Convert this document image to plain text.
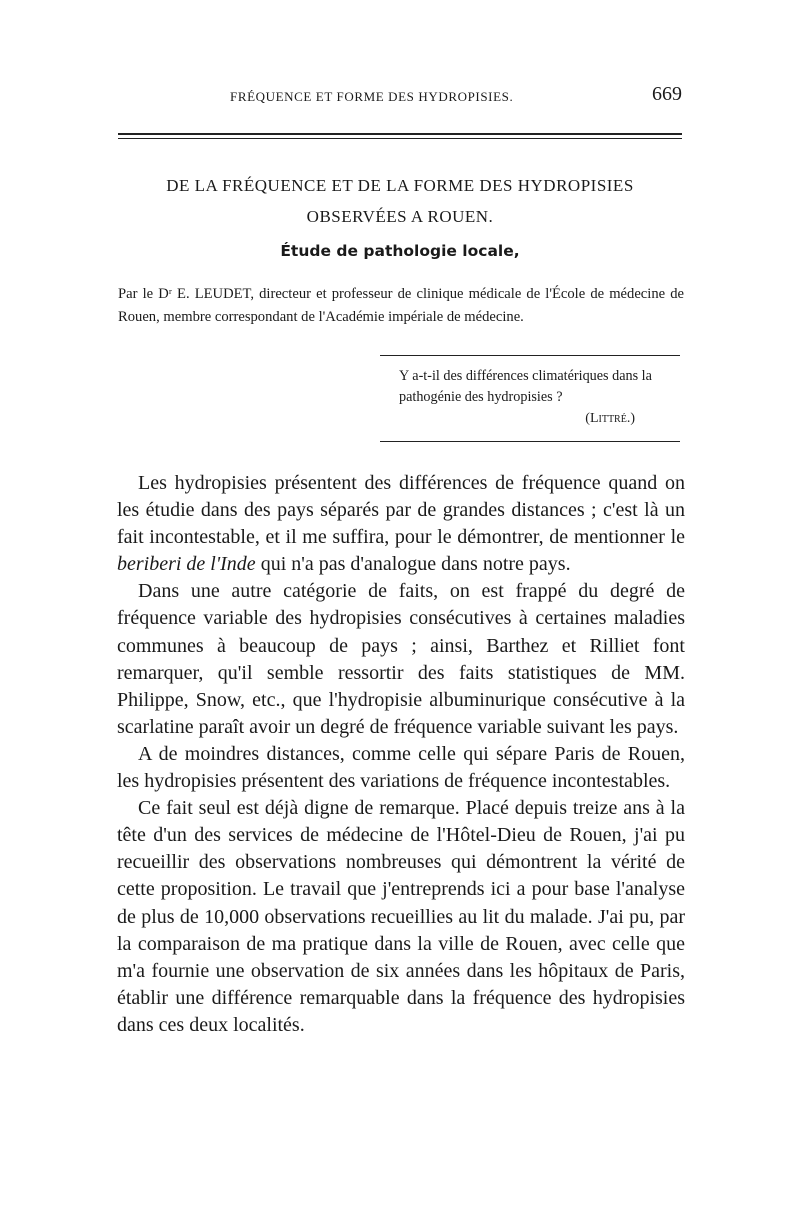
FRÉQUENCE ET FORME DES HYDROPISIES.	669
DE LA FRÉQUENCE ET DE LA FORME DES HYDROPISIES
OBSERVÉES A ROUEN.
Étude de pathologie locale,
Par le Dʳ E. LEUDET, directeur et professeur de clinique médicale de l'École de médecine de Rouen, membre correspondant de l'Académie impériale de médecine.
Y a-t-il des différences climatériques dans la pathogénie des hydropisies ?
(Littré.)

Les hydropisies présentent des différences de fréquence quand on les étudie dans des pays séparés par de grandes distances ; c'est là un fait incontestable, et il me suffira, pour le démontrer, de mentionner le beriberi de l'Inde qui n'a pas d'analogue dans notre pays.

Dans une autre catégorie de faits, on est frappé du degré de fréquence variable des hydropisies consécutives à certaines maladies communes à beaucoup de pays ; ainsi, Barthez et Rilliet font remarquer, qu'il semble ressortir des faits statistiques de MM. Philippe, Snow, etc., que l'hydropisie albuminurique consécutive à la scarlatine paraît avoir un degré de fréquence variable suivant les pays.

A de moindres distances, comme celle qui sépare Paris de Rouen, les hydropisies présentent des variations de fréquence incontestables.

Ce fait seul est déjà digne de remarque. Placé depuis treize ans à la tête d'un des services de médecine de l'Hôtel-Dieu de Rouen, j'ai pu recueillir des observations nombreuses qui démontrent la vérité de cette proposition. Le travail que j'entreprends ici a pour base l'analyse de plus de 10,000 observations recueillies au lit du malade. J'ai pu, par la comparaison de ma pratique dans la ville de Rouen, avec celle que m'a fournie une observation de six années dans les hôpitaux de Paris, établir une différence remarquable dans la fréquence des hydropisies dans ces deux localités.
